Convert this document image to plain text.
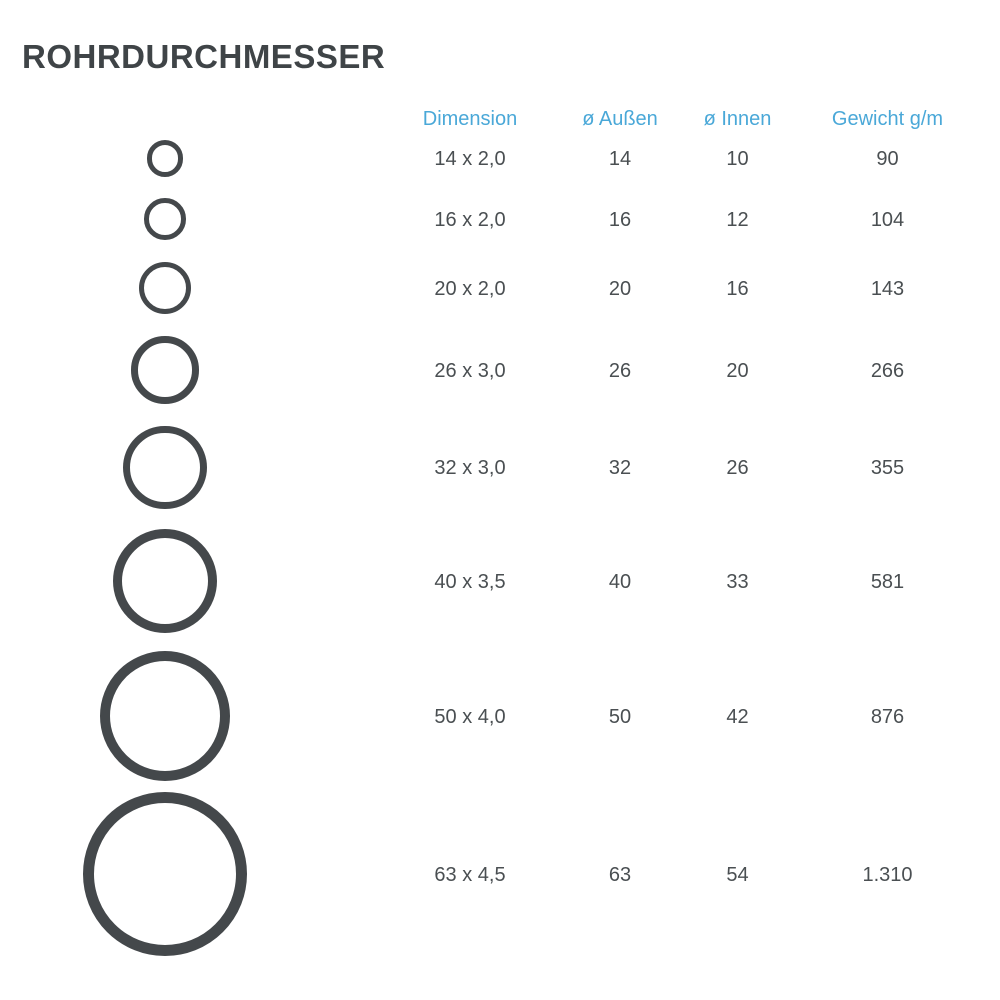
ROHRDURCHMESSER
Dimension	ø Außen	ø Innen	Gewicht g/m
14 x 2,0	14	10	90
16 x 2,0	16	12	104
20 x 2,0	20	16	143
26 x 3,0	26	20	266
32 x 3,0	32	26	355
40 x 3,5	40	33	581
50 x 4,0	50	42	876
63 x 4,5	63	54	1.310
